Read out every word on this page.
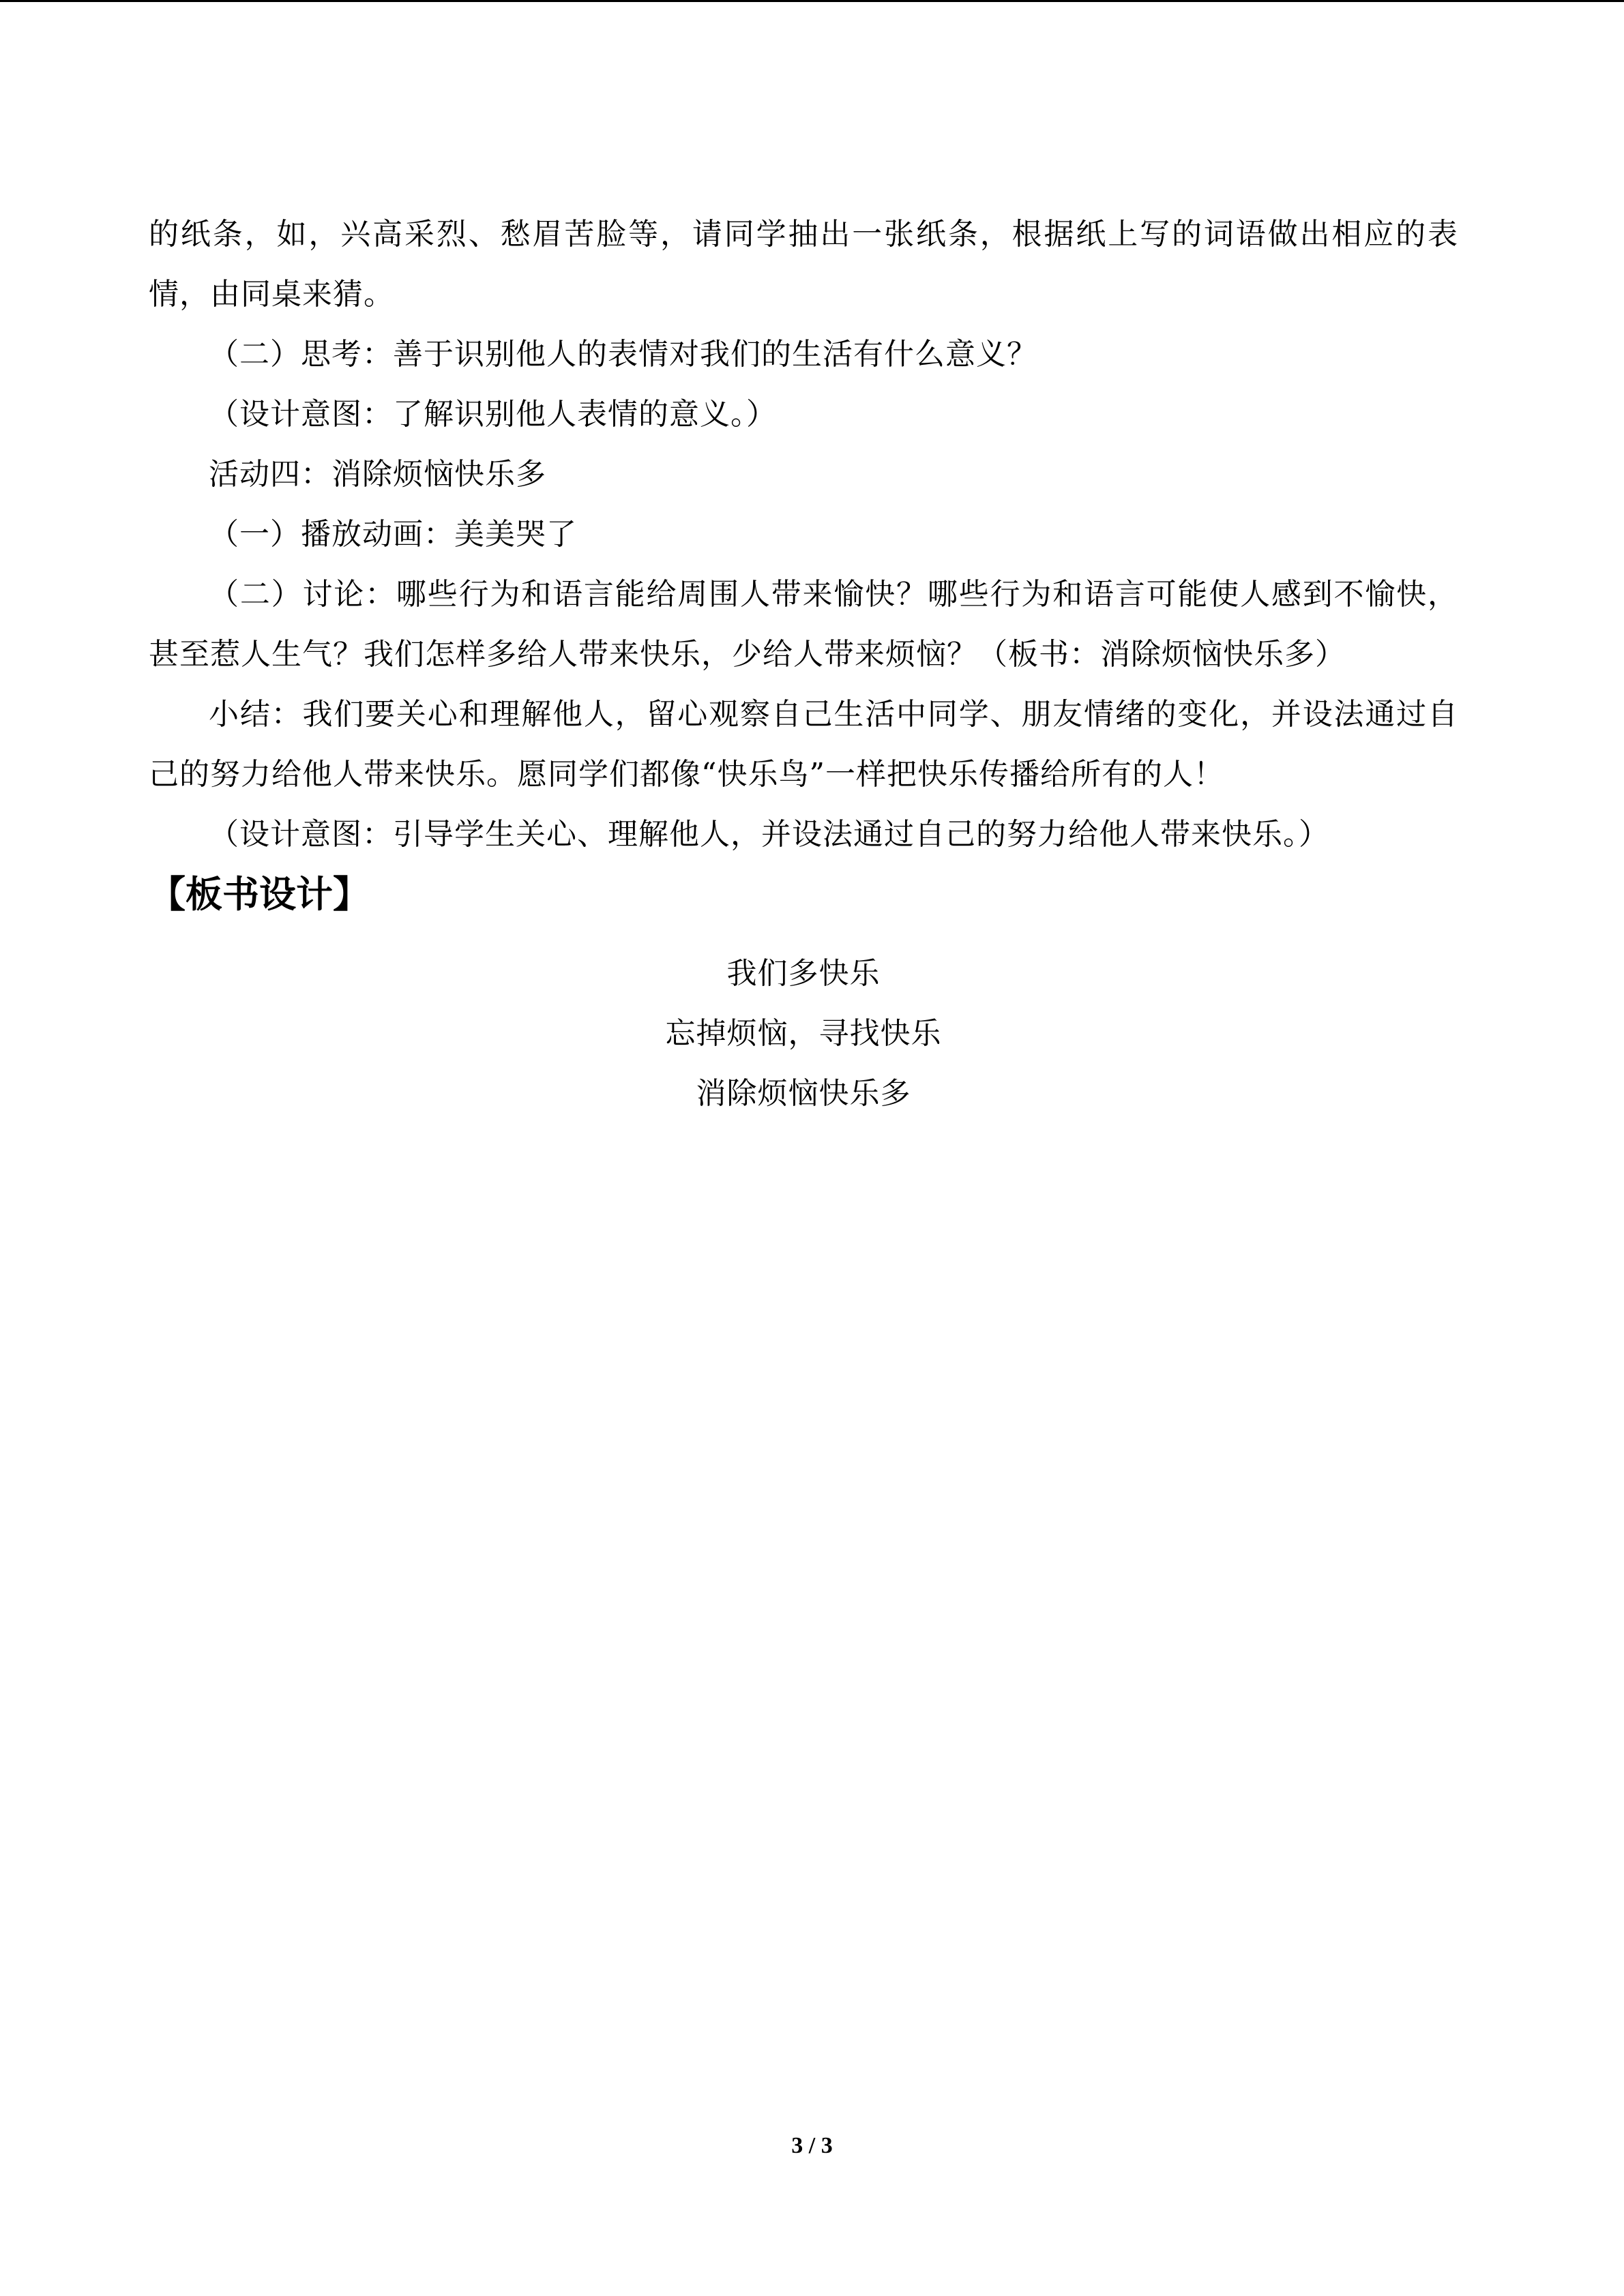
的纸条，如，兴高采烈、愁眉苦脸等，请同学抽出一张纸条，根据纸上写的词语做出相应的表情，由同桌来猜。

（二）思考：善于识别他人的表情对我们的生活有什么意义？

（设计意图：了解识别他人表情的意义。）

活动四：消除烦恼快乐多

（一）播放动画：美美哭了

（二）讨论：哪些行为和语言能给周围人带来愉快？哪些行为和语言可能使人感到不愉快，甚至惹人生气？我们怎样多给人带来快乐，少给人带来烦恼？（板书：消除烦恼快乐多）

小结：我们要关心和理解他人，留心观察自己生活中同学、朋友情绪的变化，并设法通过自己的努力给他人带来快乐。愿同学们都像“快乐鸟”一样把快乐传播给所有的人！

（设计意图：引导学生关心、理解他人，并设法通过自己的努力给他人带来快乐。）

【板书设计】

我们多快乐

忘掉烦恼，寻找快乐

消除烦恼快乐多

3 / 3
